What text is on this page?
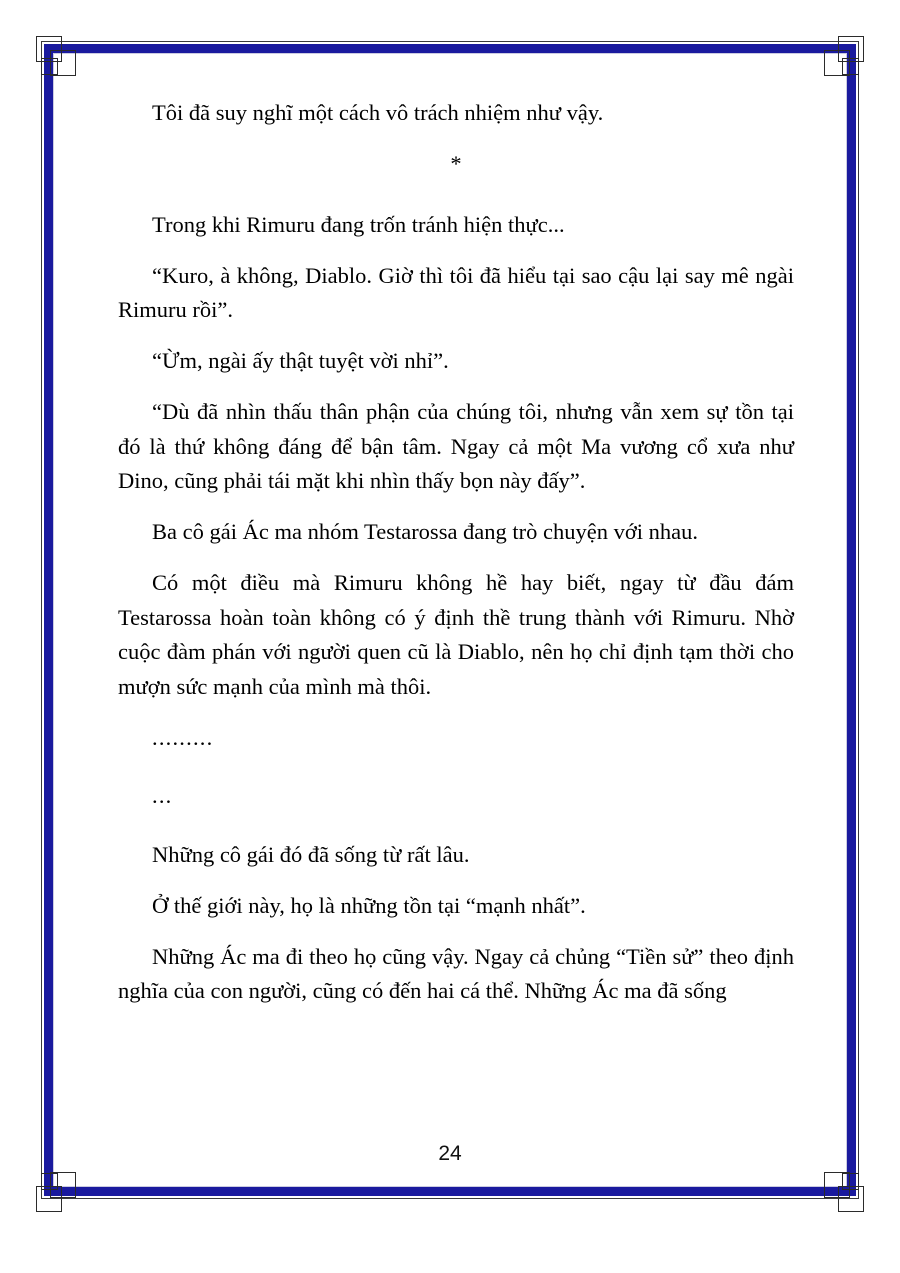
Tôi đã suy nghĩ một cách vô trách nhiệm như vậy.

*

Trong khi Rimuru đang trốn tránh hiện thực...

“Kuro, à không, Diablo. Giờ thì tôi đã hiểu tại sao cậu lại say mê ngài Rimuru rồi”.

“Ừm, ngài ấy thật tuyệt vời nhỉ”.

“Dù đã nhìn thấu thân phận của chúng tôi, nhưng vẫn xem sự tồn tại đó là thứ không đáng để bận tâm. Ngay cả một Ma vương cổ xưa như Dino, cũng phải tái mặt khi nhìn thấy bọn này đấy”.

Ba cô gái Ác ma nhóm Testarossa đang trò chuyện với nhau.

Có một điều mà Rimuru không hề hay biết, ngay từ đầu đám Testarossa hoàn toàn không có ý định thề trung thành với Rimuru. Nhờ cuộc đàm phán với người quen cũ là Diablo, nên họ chỉ định tạm thời cho mượn sức mạnh của mình mà thôi.

.........

...

Những cô gái đó đã sống từ rất lâu.

Ở thế giới này, họ là những tồn tại “mạnh nhất”.

Những Ác ma đi theo họ cũng vậy. Ngay cả chủng “Tiền sử” theo định nghĩa của con người, cũng có đến hai cá thể. Những Ác ma đã sống

24
